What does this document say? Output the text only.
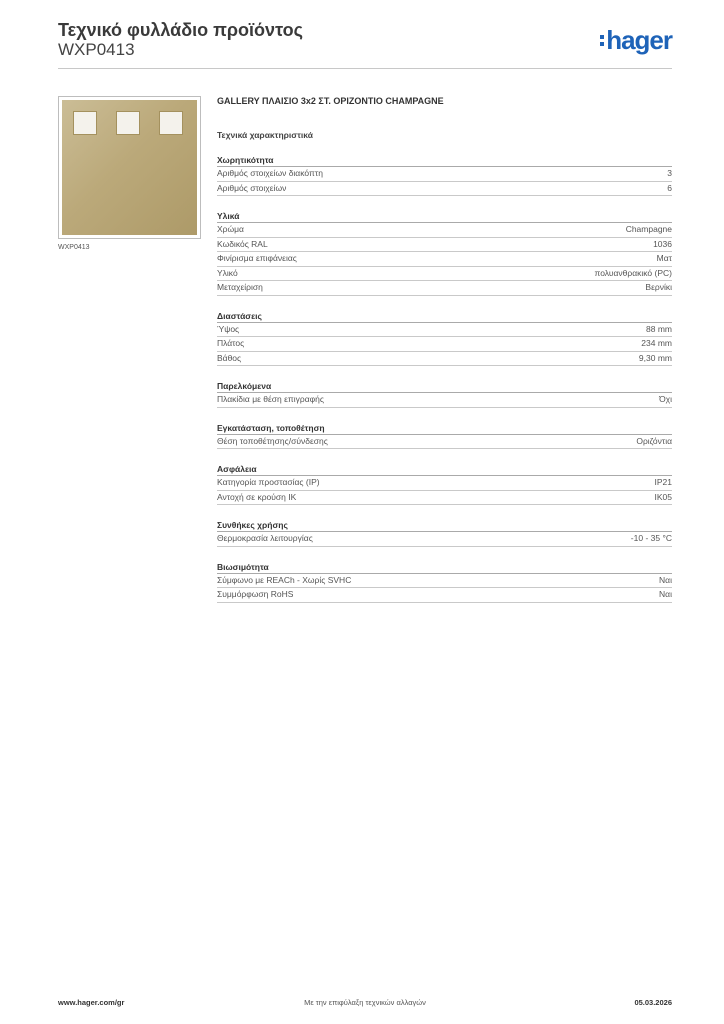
Τεχνικό φυλλάδιο προϊόντος
WXP0413	hager
WXP0413
GALLERY ΠΛΑΙΣΙΟ 3x2 ΣΤ. ΟΡΙΖΟΝΤΙΟ CHAMPAGNE
Τεχνικά χαρακτηριστικά
Χωρητικότητα
Αριθμός στοιχείων διακόπτη	3
Αριθμός στοιχείων	6
Υλικά
Χρώμα	Champagne
Κωδικός RAL	1036
Φινίρισμα επιφάνειας	Ματ
Υλικό	πολυανθρακικό (PC)
Μεταχείριση	Βερνίκι
Διαστάσεις
Ύψος	88 mm
Πλάτος	234 mm
Βάθος	9,30 mm
Παρελκόμενα
Πλακίδια με θέση επιγραφής	Όχι
Εγκατάσταση, τοποθέτηση
Θέση τοποθέτησης/σύνδεσης	Οριζόντια
Ασφάλεια
Κατηγορία προστασίας (IP)	IP21
Αντοχή σε κρούση IK	IK05
Συνθήκες χρήσης
Θερμοκρασία λειτουργίας	-10 - 35 °C
Βιωσιμότητα
Σύμφωνο με REACh - Χωρίς SVHC	Ναι
Συμμόρφωση RoHS	Ναι
www.hager.com/gr	Με την επιφύλαξη τεχνικών αλλαγών	05.03.2026
